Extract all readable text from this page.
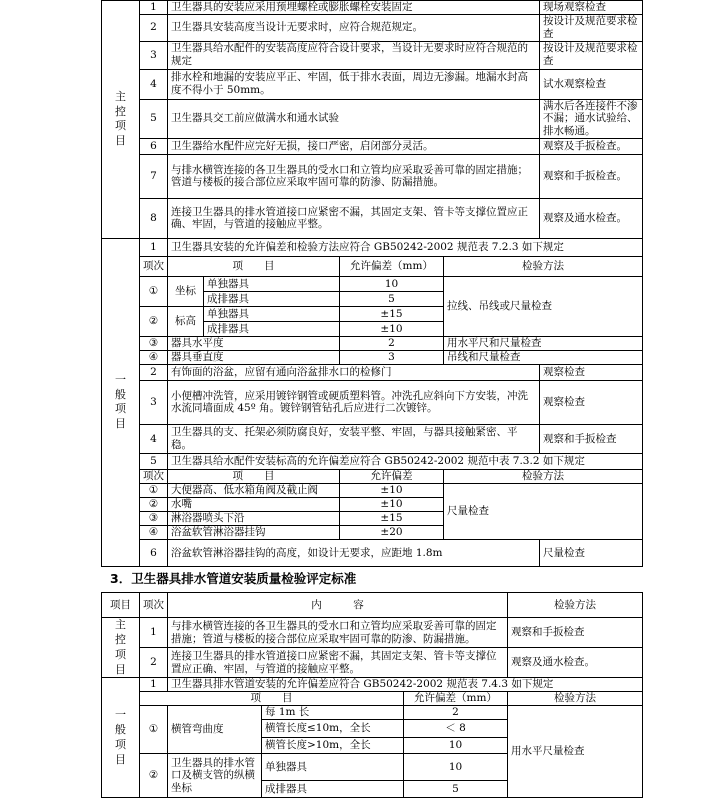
主
控
项
目	1	卫生器具的安装应采用预埋螺栓或膨胀螺栓安装固定				现场观察检查
	2	卫生器具安装高度当设计无要求时，应符合规范规定。				按设计及规范要求检查
	3	卫生器具给水配件的安装高度应符合设计要求，当设计无要求时应符合规范的规定				按设计及规范要求检查
	4	排水栓和地漏的安装应平正、牢固，低于排水表面，周边无渗漏。地漏水封高度不得小于 50mm。				试水观察检查
	5	卫生器具交工前应做满水和通水试验				满水后各连接件不渗不漏；通水试验给、排水畅通。
	6	卫生器给水配件应完好无损，接口严密，启闭部分灵活。				观察及手扳检查。
	7	与排水横管连接的各卫生器具的受水口和立管均应采取妥善可靠的固定措施；管道与楼板的接合部位应采取牢固可靠的防渗、防漏措施。				观察和手扳检查。
	8	连接卫生器具的排水管道接口应紧密不漏，其固定支架、管卡等支撑位置应正确、牢固，与管道的接触应平整。				观察及通水检查。
一
般
项
目	1	卫生器具安装的允许偏差和检验方法应符合 GB50242-2002 规范表 7.2.3 如下规定				
	项次	项　　目		允许偏差（mm）	检验方法	
	①	坐标	单独器具	10	拉线、吊线或尺量检查	
			成排器具	5		
	②	标高	单独器具	±15		
			成排器具	±10		
	③	器具水平度		2	用水平尺和尺量检查	
	④	器具垂直度		3	吊线和尺量检查	
	2	有饰面的浴盆，应留有通向浴盆排水口的检修门				观察检查
	3	小便槽冲洗管，应采用镀锌钢管或硬质塑料管。冲洗孔应斜向下方安装，冲洗水流同墙面成 45º 角。镀锌钢管钻孔后应进行二次镀锌。				观察检查
	4	卫生器具的支、托架必须防腐良好，安装平整、牢固，与器具接触紧密、平稳。				观察和手扳检查
	5	卫生器具给水配件安装标高的允许偏差应符合 GB50242-2002 规范中表 7.3.2 如下规定				
	项次	项　　目		允许偏差	检验方法	
	①	大便器高、低水箱角阀及截止阀		±10	尺量检查	
	②	水嘴		±10		
	③	淋浴器喷头下沿		±15		
	④	浴盆软管淋浴器挂钩		±20		
	6	浴盆软管淋浴器挂钩的高度，如设计无要求，应距地 1.8m				尺量检查
3．卫生器具排水管道安装质量检验评定标准
项目	项次	内　　　容			检验方法
主
控
项
目	1	与排水横管连接的各卫生器具的受水口和立管均应采取妥善可靠的固定措施；管道与楼板的接合部位应采取牢固可靠的防渗、防漏措施。			观察和手扳检查
	2	连接卫生器具的排水管道接口应紧密不漏，其固定支架、管卡等支撑位置应正确、牢固，与管道的接触应平整。			观察及通水检查。
一
般
项
目	1	卫生器具排水管道安装的允许偏差应符合 GB50242-2002 规范表 7.4.3 如下规定			
	项　　目			允许偏差（mm）	检验方法
	①	横管弯曲度	每 1m 长	2	用水平尺量检查
			横管长度≤10m，全长	＜ 8	
			横管长度>10m，全长	10	
	②	卫生器具的排水管口及横支管的纵横坐标	单独器具	10	
			成排器具	5	
